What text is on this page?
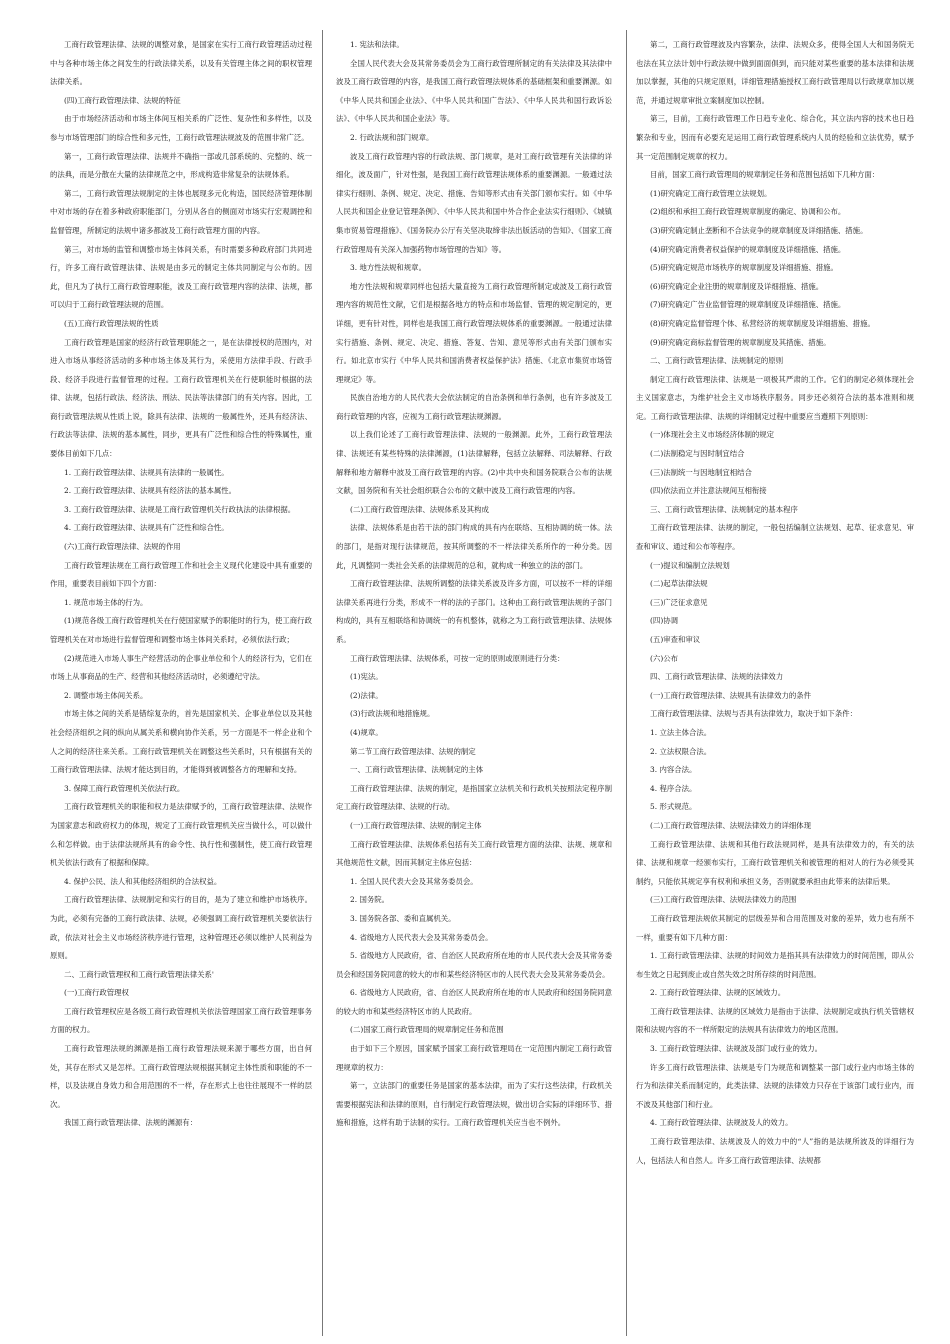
工商行政管理法律、法规的调整对象，是国家在实行工商行政管理活动过程中与各种市场主体之间发生的行政法律关系，以及有关管理主体之间的职权管理法律关系。

(四)工商行政管理法律、法规的特征

由于市场经济活动和市场主体间互相关系的广泛性、复杂性和多样性，以及参与市场管理部门的综合性和多元性，工商行政管理法规波及的范围非常广泛。

第一，工商行政管理法律、法规并不确指一部或几部系统的、完整的、统一的法典，而是分散在大量的法律规范之中，形成构造非常复杂的法规体系。

第二，工商行政管理法规制定的主体也展现多元化构造，国民经济管理体制中对市场的存在着多种政府职能部门，分别从各自的侧面对市场实行宏观调控和监督管理，所制定的法规中诸多都波及工商行政管理方面的内容。

第三，对市场的监管和调整市场主体间关系，有时需要多种政府部门共同进行，许多工商行政管理法律、法规是由多元的制定主体共同制定与公布的。因此，但凡为了执行工商行政管理职能，波及工商行政管理内容的法律、法规，都可以归于工商行政管理法规的范围。

(五)工商行政管理法规的性质

工商行政管理是国家的经济行政管理职能之一，是在法律授权的范围内，对进入市场从事经济活动的多种市场主体及其行为，采使用方法律手段、行政手段、经济手段进行监督管理的过程。工商行政管理机关在行使职能时根据的法律、法规，包括行政法、经济法、刑法、民法等法律部门的有关内容。因此，工商行政管理法规从性质上说，除具有法律、法规的一般属性外，还具有经济法、行政法等法律、法规的基本属性，同步，更具有广泛性和综合性的特殊属性，重要体目前如下几点：

1. 工商行政管理法律、法规具有法律的一般属性。

2. 工商行政管理法律、法规具有经济法的基本属性。

3. 工商行政管理法律、法规是工商行政管理机关行政执法的法律根据。

4. 工商行政管理法律、法规具有广泛性和综合性。

(六)工商行政管理法律、法规的作用

工商行政管理法规在工商行政管理工作和社会主义现代化建设中具有重要的作用，重要表目前如下四个方面：

1. 规范市场主体的行为。

(1)规范各级工商行政管理机关在行使国家赋予的职能时的行为，使工商行政管理机关在对市场进行监督管理和调整市场主体间关系时，必须依法行政；

(2)规范进入市场人事生产经营活动的企事业单位和个人的经济行为，它们在市场上从事商品的生产、经营和其他经济活动时，必须遵纪守法。

2. 调整市场主体间关系。

市场主体之间的关系是错综复杂的，首先是国家机关、企事业单位以及其他社会经济组织之间的纵向从属关系和横向协作关系，另一方面是不一样企业和个人之间的经济往来关系。工商行政管理机关在调整这些关系时，只有根据有关的工商行政管理法律、法规才能达到目的，才能得到被调整各方的理解和支持。

3. 保障工商行政管理机关依法行政。

工商行政管理机关的职能和权力是法律赋予的，工商行政管理法律、法规作为国家意志和政府权力的体现，规定了工商行政管理机关应当做什么，可以做什么和怎样做。由于法律法规所具有的命令性、执行性和强制性，使工商行政管理机关依法行政有了根据和保障。

4. 保护公民、法人和其他经济组织的合法权益。

工商行政管理法律、法规制定和实行的目的，是为了建立和维护市场秩序。为此，必须有完备的工商行政法律、法规，必须强调工商行政管理机关要依法行政，依法对社会主义市场经济秩序进行管理，这种管理还必须以维护人民利益为原则。

二、工商行政管理权和工商行政管理法律关系'

(一)工商行政管理权

工商行政管理权应是各级工商行政管理机关依法管理国家工商行政管理事务方面的权力。

工商行政管理法规的渊源是指工商行政管理法规来源于哪些方面，出自何处，其存在形式又是怎样。工商行政管理法规根据其制定主体性质和职能的不一样，以及法规自身效力和合用范围的不一样，存在形式上也往往展现不一样的层次。

我国工商行政管理法律、法规的渊源有：

1. 宪法和法律。

全国人民代表大会及其常务委员会为工商行政管理所制定的有关法律及其法律中波及工商行政管理的内容，是我国工商行政管理法规体系的基础框架和重要渊源。如《中华人民共和国企业法》、《中华人民共和国广告法》、《中华人民共和国行政诉讼法》、《中华人民共和国企业法》等。

2. 行政法规和部门规章。

波及工商行政管理内容的行政法规、部门规章，是对工商行政管理有关法律的详细化，波及面广，针对性强，是我国工商行政管理法规体系的重要渊源。一般通过法律实行细则、条例、规定、决定、措施、告知等形式由有关部门颁布实行。如《中华人民共和国企业登记管理条例》、《中华人民共和国中外合作企业法实行细则》、《城镇集市贸易管理措施》、《国务院办公厅有关坚决取缔非法出版活动的告知》、《国家工商行政管理局有关深入加强药物市场管理的告知》等。

3. 地方性法规和规章。

地方性法规和规章同样也包括大量直接为工商行政管理所制定或波及工商行政管理内容的规范性文献，它们是根据各地方的特点和市场监督、管理的规定制定的，更详细，更有针对性，同样也是我国工商行政管理法规体系的重要渊源。一般通过法律实行措施、条例、规定、决定、措施、答复、告知、意见等形式由有关部门颁布实行。如北京市实行《中华人民共和国消费者权益保护法》措施、《北京市集贸市场管理规定》等。

民族自治地方的人民代表大会依法制定的自治条例和单行条例，也有许多波及工商行政管理的内容，应视为工商行政管理法规渊源。

以上我们论述了工商行政管理法律、法规的一般渊源。此外，工商行政管理法律、法规还有某些特殊的法律渊源，(1)法律解释，包括立法解释、司法解释、行政解释和地方解释中波及工商行政管理的内容。(2)中共中央和国务院联合公布的法规文献，国务院和有关社会组织联合公布的文献中波及工商行政管理的内容。

(二)工商行政管理法律、法规体系及其构成

法律、法规体系是由若干法的部门构成的具有内在联络、互相协调的统一体。法的部门，是指对现行法律规范，按其所调整的不一样法律关系所作的一种分类。因此，凡调整同一类社会关系的法律规范的总和，就构成一种独立的法的部门。

工商行政管理法律、法规所调整的法律关系波及许多方面，可以按不一样的详细法律关系再进行分类，形成不一样的法的子部门。这种由工商行政管理法规的子部门构成的，具有互相联络和协调统一的有机整体，就称之为工商行政管理法律、法规体系。

工商行政管理法律、法规体系，可按一定的原则或原则进行分类：

(1)宪法。

(2)法律。

(3)行政法规和地措施规。

(4)规章。

第二节工商行政管理法律、法规的制定

一、工商行政管理法律、法规制定的主体

工商行政管理法律、法规的制定，是指国家立法机关和行政机关按照法定程序制定工商行政管理法律、法规的行动。

(一)工商行政管理法律、法规的制定主体

工商行政管理法律、法规体系包括有关工商行政管理方面的法律、法规、规章和其他规范性文献，因而其制定主体应包括：

1. 全国人民代表大会及其常务委员会。

2. 国务院。

3. 国务院各部、委和直属机关。

4. 省级地方人民代表大会及其常务委员会。

5. 省级地方人民政府，省、自治区人民政府所在地的市人民代表大会及其常务委员会和经国务院同意的较大的市和某些经济特区市的人民代表大会及其常务委员会。

6. 省级地方人民政府，省、自治区人民政府所在地的市人民政府和经国务院同意的较大的市和某些经济特区市的人民政府。

(二)国家工商行政管理局的规章制定任务和范围

由于如下三个原因，国家赋予国家工商行政管理局在一定范围内制定工商行政管理规章的权力：

第一，立法部门的重要任务是国家的基本法律，而为了实行这些法律，行政机关需要根据宪法和法律的原则，自行制定行政管理法规，做出切合实际的详细环节、措施和措施，这样有助于法制的实行。工商行政管理机关应当也不例外。

第二，工商行政管理波及内容繁杂，法律、法规众多，使得全国人大和国务院无也法在其立法计划中行政法规中做到面面俱到，而只能对某些重要的基本法律和法规加以掌握，其他的只规定原则，详细管理措施授权工商行政管理局以行政规章加以规范，并通过规章审批立案制度加以控制。

第三，目前，工商行政管理工作日趋专业化、综合化，其立法内容的技术也日趋繁杂和专业，因而有必要充足运用工商行政管理系统内人员的经验和立法优势，赋予其一定范围制定规章的权力。

目前，国家工商行政管理局的规章制定任务和范围包括如下几种方面：

(1)研究确定工商行政管理立法规划。

(2)组织和承担工商行政管理规章制度的确定、协调和公布。

(3)研究确定制止垄断和不合法竞争的规章制度及详细措施、措施。

(4)研究确定消费者权益保护的规章制度及详细措施、措施。

(5)研究确定规范市场秩序的规章制度及详细措施、措施。

(6)研究确定企业注册的规章制度及详细措施、措施。

(7)研究确定广告业监督管理的规章制度及详细措施、措施。

(8)研究确定监督管理个体、私营经济的规章制度及详细措施、措施。

(9)研究确定商标监督管理的规章制度及其措施、措施。

二、工商行政管理法律、法规制定的原则

制定工商行政管理法律、法规是一项极其严肃的工作。它们的制定必须体现社会主义国家意志，为维护社会主义市场秩序服务。同步还必须符合法的基本准则和规定。工商行政管理法律、法规的详细制定过程中重要应当遵照下列原则：

(一)体现社会主义市场经济体制的规定

(二)法制稳定与因时制宜结合

(三)法制统一与因地制宜相结合

(四)依法而立并注意法规间互相衔接

三、工商行政管理法律、法规制定的基本程序

工商行政管理法律、法规的制定，一般包括编制立法规划、起草、征求意见、审查和审议、通过和公布等程序。

(一)提议和编制立法规划

(二)起草法律法规

(三)广泛征求意见

(四)协调

(五)审查和审议

(六)公布

四、工商行政管理法律、法规的法律效力

(一)工商行政管理法律、法规具有法律效力的条件

工商行政管理法律、法规与否具有法律效力，取决于如下条件：

1. 立法主体合法。

2. 立法权限合法。

3. 内容合法。

4. 程序合法。

5. 形式规范。

(二)工商行政管理法律、法规法律效力的详细体现

工商行政管理法律、法规和其他行政法规同样，是具有法律效力的，有关的法律、法规和规章一经颁布实行，工商行政管理机关和被管理的相对人的行为必须受其制约，只能依其规定享有权利和承担义务，否则就要承担由此带来的法律后果。

(三)工商行政管理法律、法规法律效力的范围

工商行政管理法规依其制定的层级差异和合用范围及对象的差异，效力也有所不一样，重要有如下几种方面：

1. 工商行政管理法律、法规的时间效力是指其具有法律效力的时间范围，即从公布生效之日起到废止或自然失效之时所存续的时间范围。

2. 工商行政管理法律、法规的区域效力。

工商行政管理法律、法规的区域效力是指由于法律、法规制定或执行机关管辖权限和法规内容的不一样所限定的法规具有法律效力的地区范围。

3. 工商行政管理法律、法规波及部门或行业的效力。

许多工商行政管理法律、法规是专门为规范和调整某一部门或行业内市场主体的行为和法律关系而制定的，此类法律、法规的法律效力只存在于该部门或行业内，而不波及其他部门和行业。

4. 工商行政管理法律、法规波及人的效力。

工商行政管理法律、法规波及人的效力中的“人”指的是法规所波及的详细行为人，包括法人和自然人。许多工商行政管理法律、法规都
